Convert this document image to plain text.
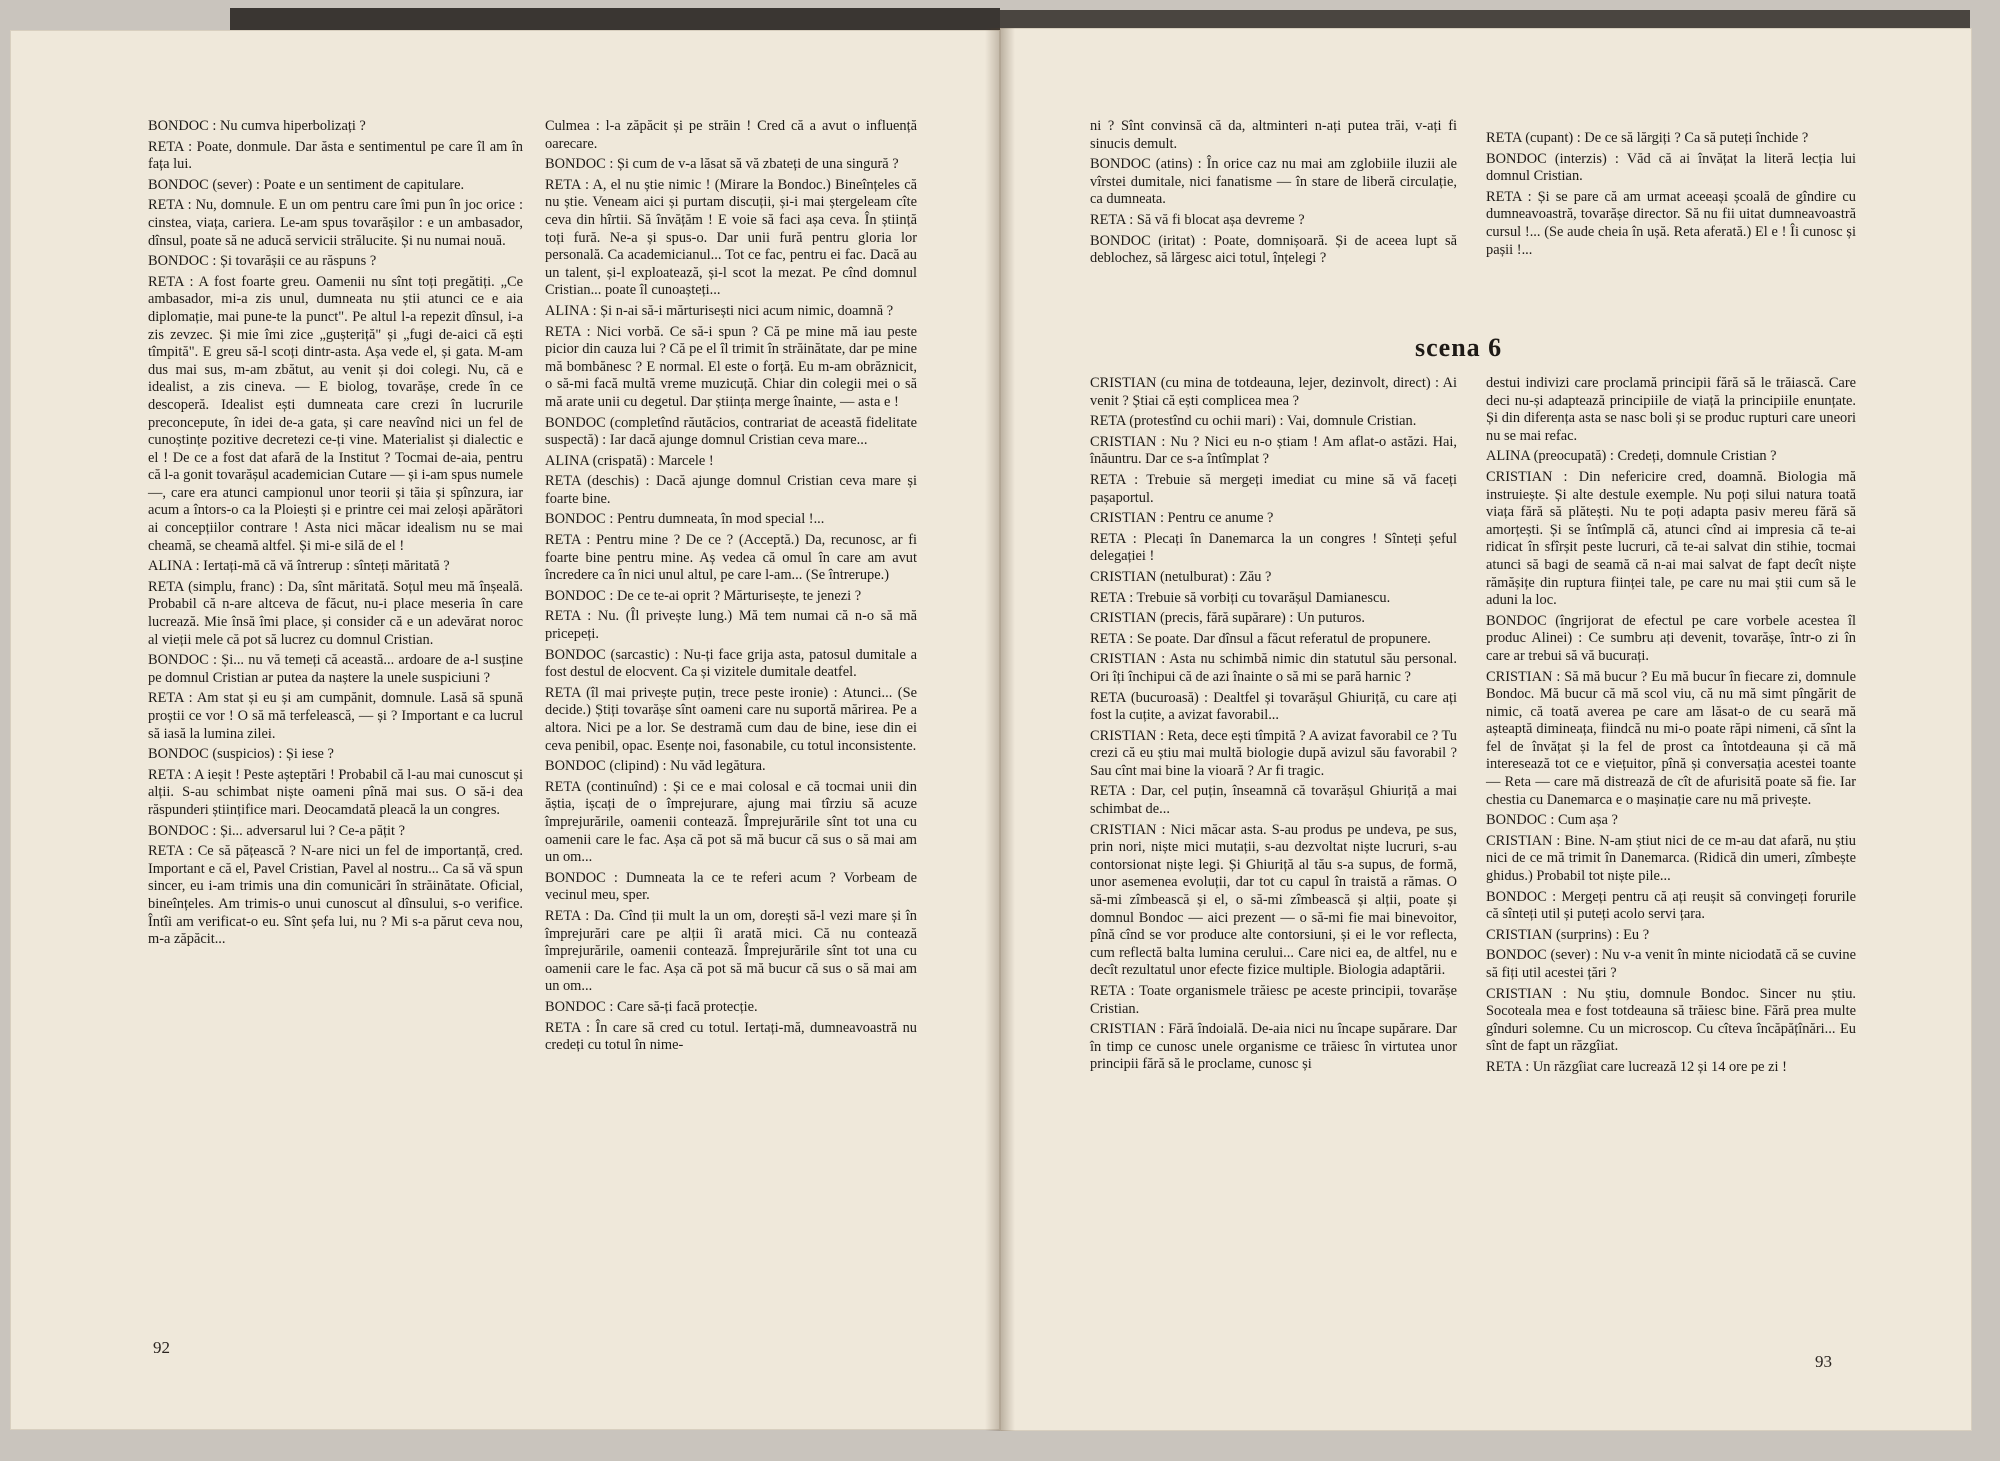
BONDOC : Nu cumva hiperbolizați ?

RETA : Poate, donmule. Dar ăsta e sentimentul pe care îl am în fața lui.

BONDOC (sever) : Poate e un sentiment de capitulare.

RETA : Nu, domnule. E un om pentru care îmi pun în joc orice : cinstea, viața, cariera. Le-am spus tovarășilor : e un ambasador, dînsul, poate să ne aducă servicii strălucite. Și nu numai nouă.

BONDOC : Și tovarășii ce au răspuns ?

RETA : A fost foarte greu. Oamenii nu sînt toți pregătiți. „Ce ambasador, mi-a zis unul, dumneata nu știi atunci ce e aia diplomație, mai pune-te la punct". Pe altul l-a repezit dînsul, i-a zis zevzec. Și mie îmi zice „gușteriță" și „fugi de-aici că ești tîmpită". E greu să-l scoți dintr-asta. Așa vede el, și gata. M-am dus mai sus, m-am zbătut, au venit și doi colegi. Nu, că e idealist, a zis cineva. — E biolog, tovarășe, crede în ce descoperă. Idealist ești dumneata care crezi în lucrurile preconcepute, în idei de-a gata, și care neavînd nici un fel de cunoștințe pozitive decretezi ce-ți vine. Materialist și dialectic e el ! De ce a fost dat afară de la Institut ? Tocmai de-aia, pentru că l-a gonit tovarășul academician Cutare — și i-am spus numele —, care era atunci campionul unor teorii și tăia și spînzura, iar acum a întors-o ca la Ploiești și e printre cei mai zeloși apărători ai concepțiilor contrare ! Asta nici măcar idealism nu se mai cheamă, se cheamă altfel. Și mi-e silă de el !

ALINA : Iertați-mă că vă întrerup : sînteți măritată ?

RETA (simplu, franc) : Da, sînt măritată. Soțul meu mă înșeală. Probabil că n-are altceva de făcut, nu-i place meseria în care lucrează. Mie însă îmi place, și consider că e un adevărat noroc al vieții mele că pot să lucrez cu domnul Cristian.

BONDOC : Și... nu vă temeți că această... ardoare de a-l susține pe domnul Cristian ar putea da naștere la unele suspiciuni ?

RETA : Am stat și eu și am cumpănit, domnule. Lasă să spună proștii ce vor ! O să mă terfelească, — și ? Important e ca lucrul să iasă la lumina zilei.

BONDOC (suspicios) : Și iese ?

RETA : A ieșit ! Peste așteptări ! Probabil că l-au mai cunoscut și alții. S-au schimbat niște oameni pînă mai sus. O să-i dea răspunderi științifice mari. Deocamdată pleacă la un congres.

BONDOC : Și... adversarul lui ? Ce-a pățit ?

RETA : Ce să pățească ? N-are nici un fel de importanță, cred. Important e că el, Pavel Cristian, Pavel al nostru... Ca să vă spun sincer, eu i-am trimis una din comunicări în străinătate. Oficial, bineînțeles. Am trimis-o unui cunoscut al dînsului, s-o verifice. Întîi am verificat-o eu. Sînt șefa lui, nu ? Mi s-a părut ceva nou, m-a zăpăcit...

Culmea : l-a zăpăcit și pe străin ! Cred că a avut o influență oarecare.

BONDOC : Și cum de v-a lăsat să vă zbateți de una singură ?

RETA : A, el nu știe nimic ! (Mirare la Bondoc.) Bineînțeles că nu știe. Veneam aici și purtam discuții, și-i mai ștergeleam cîte ceva din hîrtii. Să învățăm ! E voie să faci așa ceva. În știință toți fură. Ne-a și spus-o. Dar unii fură pentru gloria lor personală. Ca academicianul... Tot ce fac, pentru ei fac. Dacă au un talent, și-l exploatează, și-l scot la mezat. Pe cînd domnul Cristian... poate îl cunoașteți...

ALINA : Și n-ai să-i mărturisești nici acum nimic, doamnă ?

RETA : Nici vorbă. Ce să-i spun ? Că pe mine mă iau peste picior din cauza lui ? Că pe el îl trimit în străinătate, dar pe mine mă bombănesc ? E normal. El este o forță. Eu m-am obrăznicit, o să-mi facă multă vreme muzicuță. Chiar din colegii mei o să mă arate unii cu degetul. Dar știința merge înainte, — asta e !

BONDOC (completînd răutăcios, contrariat de această fidelitate suspectă) : Iar dacă ajunge domnul Cristian ceva mare...

ALINA (crispată) : Marcele !

RETA (deschis) : Dacă ajunge domnul Cristian ceva mare și foarte bine.

BONDOC : Pentru dumneata, în mod special !...

RETA : Pentru mine ? De ce ? (Acceptă.) Da, recunosc, ar fi foarte bine pentru mine. Aș vedea că omul în care am avut încredere ca în nici unul altul, pe care l-am... (Se întrerupe.)

BONDOC : De ce te-ai oprit ? Mărturisește, te jenezi ?

RETA : Nu. (Îl privește lung.) Mă tem numai că n-o să mă pricepeți.

BONDOC (sarcastic) : Nu-ți face grija asta, patosul dumitale a fost destul de elocvent. Ca și vizitele dumitale deatfel.

RETA (îl mai privește puțin, trece peste ironie) : Atunci... (Se decide.) Știți tovarășe sînt oameni care nu suportă mărirea. Pe a altora. Nici pe a lor. Se destramă cum dau de bine, iese din ei ceva penibil, opac. Esențe noi, fasonabile, cu totul inconsistente.

BONDOC (clipind) : Nu văd legătura.

RETA (continuînd) : Și ce e mai colosal e că tocmai unii din ăștia, ișcați de o împrejurare, ajung mai tîrziu să acuze împrejurările, oamenii contează. Împrejurările sînt tot una cu oamenii care le fac. Așa că pot să mă bucur că sus o să mai am un om...

BONDOC : Dumneata la ce te referi acum ? Vorbeam de vecinul meu, sper.

RETA : Da. Cînd ții mult la un om, dorești să-l vezi mare și în împrejurări care pe alții îi arată mici. Că nu contează împrejurările, oamenii contează. Împrejurările sînt tot una cu oamenii care le fac. Așa că pot să mă bucur că sus o să mai am un om...

BONDOC : Care să-ți facă protecție.

RETA : În care să cred cu totul. Iertați-mă, dumneavoastră nu credeți cu totul în nime-

ni ? Sînt convinsă că da, altminteri n-ați putea trăi, v-ați fi sinucis demult.

BONDOC (atins) : În orice caz nu mai am zglobiile iluzii ale vîrstei dumitale, nici fanatisme — în stare de liberă circulație, ca dumneata.

RETA : Să vă fi blocat așa devreme ?

BONDOC (iritat) : Poate, domnișoară. Și de aceea lupt să deblochez, să lărgesc aici totul, înțelegi ?

RETA (cupant) : De ce să lărgiți ? Ca să puteți închide ?

BONDOC (interzis) : Văd că ai învățat la literă lecția lui domnul Cristian.

RETA : Și se pare că am urmat aceeași școală de gîndire cu dumneavoastră, tovarășe director. Să nu fii uitat dumneavoastră cursul !... (Se aude cheia în ușă. Reta aferată.) El e ! Îi cunosc și pașii !...

scena 6

CRISTIAN (cu mina de totdeauna, lejer, dezinvolt, direct) : Ai venit ? Știai că ești complicea mea ?

RETA (protestînd cu ochii mari) : Vai, domnule Cristian.

CRISTIAN : Nu ? Nici eu n-o știam ! Am aflat-o astăzi. Hai, înăuntru. Dar ce s-a întîmplat ?

RETA : Trebuie să mergeți imediat cu mine să vă faceți pașaportul.

CRISTIAN : Pentru ce anume ?

RETA : Plecați în Danemarca la un congres ! Sînteți șeful delegației !

CRISTIAN (netulburat) : Zău ?

RETA : Trebuie să vorbiți cu tovarășul Damianescu.

CRISTIAN (precis, fără supărare) : Un puturos.

RETA : Se poate. Dar dînsul a făcut referatul de propunere.

CRISTIAN : Asta nu schimbă nimic din statutul său personal. Ori îți închipui că de azi înainte o să mi se pară harnic ?

RETA (bucuroasă) : Dealtfel și tovarășul Ghiuriță, cu care ați fost la cuțite, a avizat favorabil...

CRISTIAN : Reta, dece ești tîmpită ? A avizat favorabil ce ? Tu crezi că eu știu mai multă biologie după avizul său favorabil ? Sau cînt mai bine la vioară ? Ar fi tragic.

RETA : Dar, cel puțin, înseamnă că tovarășul Ghiuriță a mai schimbat de...

CRISTIAN : Nici măcar asta. S-au produs pe undeva, pe sus, prin nori, niște mici mutații, s-au dezvoltat niște lucruri, s-au contorsionat niște legi. Și Ghiuriță al tău s-a supus, de formă, unor asemenea evoluții, dar tot cu capul în traistă a rămas. O să-mi zîmbească și el, o să-mi zîmbească și alții, poate și domnul Bondoc — aici prezent — o să-mi fie mai binevoitor, pînă cînd se vor produce alte contorsiuni, și ei le vor reflecta, cum reflectă balta lumina cerului... Care nici ea, de altfel, nu e decît rezultatul unor efecte fizice multiple. Biologia adaptării.

RETA : Toate organismele trăiesc pe aceste principii, tovarășe Cristian.

CRISTIAN : Fără îndoială. De-aia nici nu încape supărare. Dar în timp ce cunosc unele organisme ce trăiesc în virtutea unor principii fără să le proclame, cunosc și

destui indivizi care proclamă principii fără să le trăiască. Care deci nu-și adaptează principiile de viață la principiile enunțate. Și din diferența asta se nasc boli și se produc rupturi care uneori nu se mai refac.

ALINA (preocupată) : Credeți, domnule Cristian ?

CRISTIAN : Din nefericire cred, doamnă. Biologia mă instruiește. Și alte destule exemple. Nu poți silui natura toată viața fără să plătești. Nu te poți adapta pasiv mereu fără să amorțești. Și se întîmplă că, atunci cînd ai impresia că te-ai ridicat în sfîrșit peste lucruri, că te-ai salvat din stihie, tocmai atunci să bagi de seamă că n-ai mai salvat de fapt decît niște rămășițe din ruptura ființei tale, pe care nu mai știi cum să le aduni la loc.

BONDOC (îngrijorat de efectul pe care vorbele acestea îl produc Alinei) : Ce sumbru ați devenit, tovarășe, într-o zi în care ar trebui să vă bucurați.

CRISTIAN : Să mă bucur ? Eu mă bucur în fiecare zi, domnule Bondoc. Mă bucur că mă scol viu, că nu mă simt pîngărit de nimic, că toată averea pe care am lăsat-o de cu seară mă așteaptă dimineața, fiindcă nu mi-o poate răpi nimeni, că sînt la fel de învățat și la fel de prost ca întotdeauna și că mă interesează tot ce e viețuitor, pînă și conversația acestei toante — Reta — care mă distrează de cît de afurisită poate să fie. Iar chestia cu Danemarca e o mașinație care nu mă privește.

BONDOC : Cum așa ?

CRISTIAN : Bine. N-am știut nici de ce m-au dat afară, nu știu nici de ce mă trimit în Danemarca. (Ridică din umeri, zîmbește ghidus.) Probabil tot niște pile...

BONDOC : Mergeți pentru că ați reușit să convingeți forurile că sînteți util și puteți acolo servi țara.

CRISTIAN (surprins) : Eu ?

BONDOC (sever) : Nu v-a venit în minte niciodată că se cuvine să fiți util acestei țări ?

CRISTIAN : Nu știu, domnule Bondoc. Sincer nu știu. Socoteala mea e fost totdeauna să trăiesc bine. Fără prea multe gînduri solemne. Cu un microscop. Cu cîteva încăpățînări... Eu sînt de fapt un răzgîiat.

RETA : Un răzgîiat care lucrează 12 și 14 ore pe zi !

92
93
